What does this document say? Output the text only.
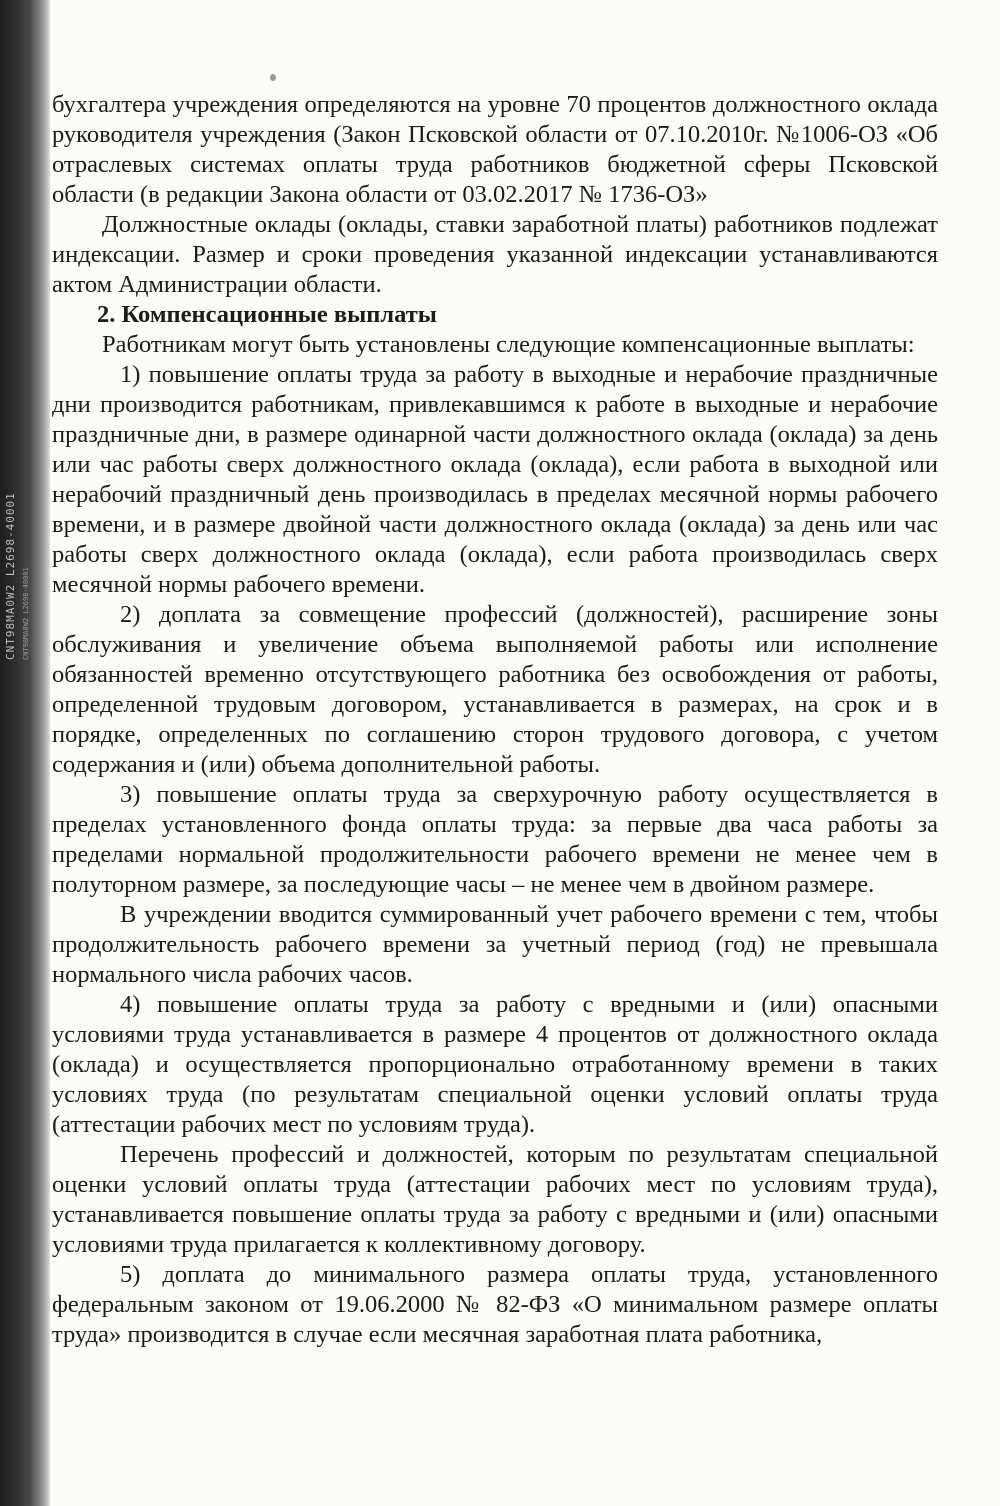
CNT98MA0W2 L2698-40001 CNT98MA0W2 L2698-40001

бухгалтера учреждения определяются на уровне 70 процентов должностного оклада руководителя учреждения (Закон Псковской области от 07.10.2010г. №1006-ОЗ «Об отраслевых системах оплаты труда работников бюджетной сферы Псковской области (в редакции Закона области от 03.02.2017 № 1736-ОЗ»

Должностные оклады (оклады, ставки заработной платы) работников подлежат индексации. Размер и сроки проведения указанной индексации устанавливаются актом Администрации области.

2. Компенсационные выплаты

Работникам могут быть установлены следующие компенсационные выплаты:

1) повышение оплаты труда за работу в выходные и нерабочие праздничные дни производится работникам, привлекавшимся к работе в выходные и нерабочие праздничные дни, в размере одинарной части должностного оклада (оклада) за день или час работы сверх должностного оклада (оклада), если работа в выходной или нерабочий праздничный день производилась в пределах месячной нормы рабочего времени, и в размере двойной части должностного оклада (оклада) за день или час работы сверх должностного оклада (оклада), если работа производилась сверх месячной нормы рабочего времени.

2) доплата за совмещение профессий (должностей), расширение зоны обслуживания и увеличение объема выполняемой работы или исполнение обязанностей временно отсутствующего работника без освобождения от работы, определенной трудовым договором, устанавливается в размерах, на срок и в порядке, определенных по соглашению сторон трудового договора, с учетом содержания и (или) объема дополнительной работы.

3) повышение оплаты труда за сверхурочную работу осуществляется в пределах установленного фонда оплаты труда: за первые два часа работы за пределами нормальной продолжительности рабочего времени не менее чем в полуторном размере, за последующие часы – не менее чем в двойном размере.

В учреждении вводится суммированный учет рабочего времени с тем, чтобы продолжительность рабочего времени за учетный период (год) не превышала нормального числа рабочих часов.

4) повышение оплаты труда за работу с вредными и (или) опасными условиями труда устанавливается в размере 4 процентов от должностного оклада (оклада) и осуществляется пропорционально отработанному времени в таких условиях труда (по результатам специальной оценки условий оплаты труда (аттестации рабочих мест по условиям труда).

Перечень профессий и должностей, которым по результатам специальной оценки условий оплаты труда (аттестации рабочих мест по условиям труда), устанавливается повышение оплаты труда за работу с вредными и (или) опасными условиями труда прилагается к коллективному договору.

5) доплата до минимального размера оплаты труда, установленного федеральным законом от 19.06.2000 № 82-ФЗ «О минимальном размере оплаты труда» производится в случае если месячная заработная плата работника,
